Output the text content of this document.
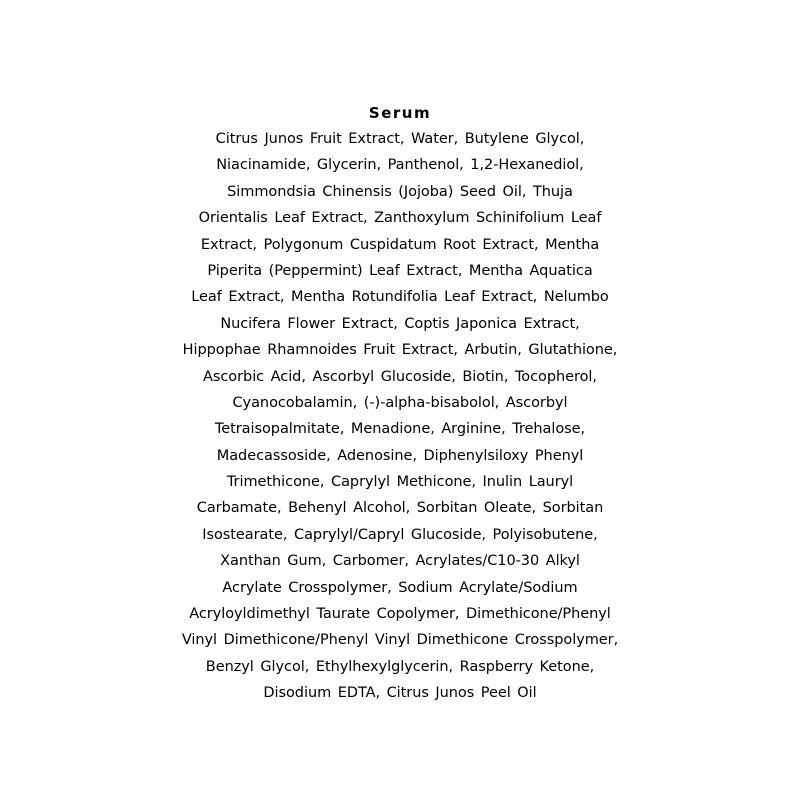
Serum
Citrus Junos Fruit Extract, Water, Butylene Glycol,
Niacinamide, Glycerin, Panthenol, 1,2-Hexanediol,
Simmondsia Chinensis (Jojoba) Seed Oil, Thuja
Orientalis Leaf Extract, Zanthoxylum Schinifolium Leaf
Extract, Polygonum Cuspidatum Root Extract, Mentha
Piperita (Peppermint) Leaf Extract, Mentha Aquatica
Leaf Extract, Mentha Rotundifolia Leaf Extract, Nelumbo
Nucifera Flower Extract, Coptis Japonica Extract,
Hippophae Rhamnoides Fruit Extract, Arbutin, Glutathione,
Ascorbic Acid, Ascorbyl Glucoside, Biotin, Tocopherol,
Cyanocobalamin, (-)-alpha-bisabolol, Ascorbyl
Tetraisopalmitate, Menadione, Arginine, Trehalose,
Madecassoside, Adenosine, Diphenylsiloxy Phenyl
Trimethicone, Caprylyl Methicone, Inulin Lauryl
Carbamate, Behenyl Alcohol, Sorbitan Oleate, Sorbitan
Isostearate, Caprylyl/Capryl Glucoside, Polyisobutene,
Xanthan Gum, Carbomer, Acrylates/C10-30 Alkyl
Acrylate Crosspolymer, Sodium Acrylate/Sodium
Acryloyldimethyl Taurate Copolymer, Dimethicone/Phenyl
Vinyl Dimethicone/Phenyl Vinyl Dimethicone Crosspolymer,
Benzyl Glycol, Ethylhexylglycerin, Raspberry Ketone,
Disodium EDTA, Citrus Junos Peel Oil
